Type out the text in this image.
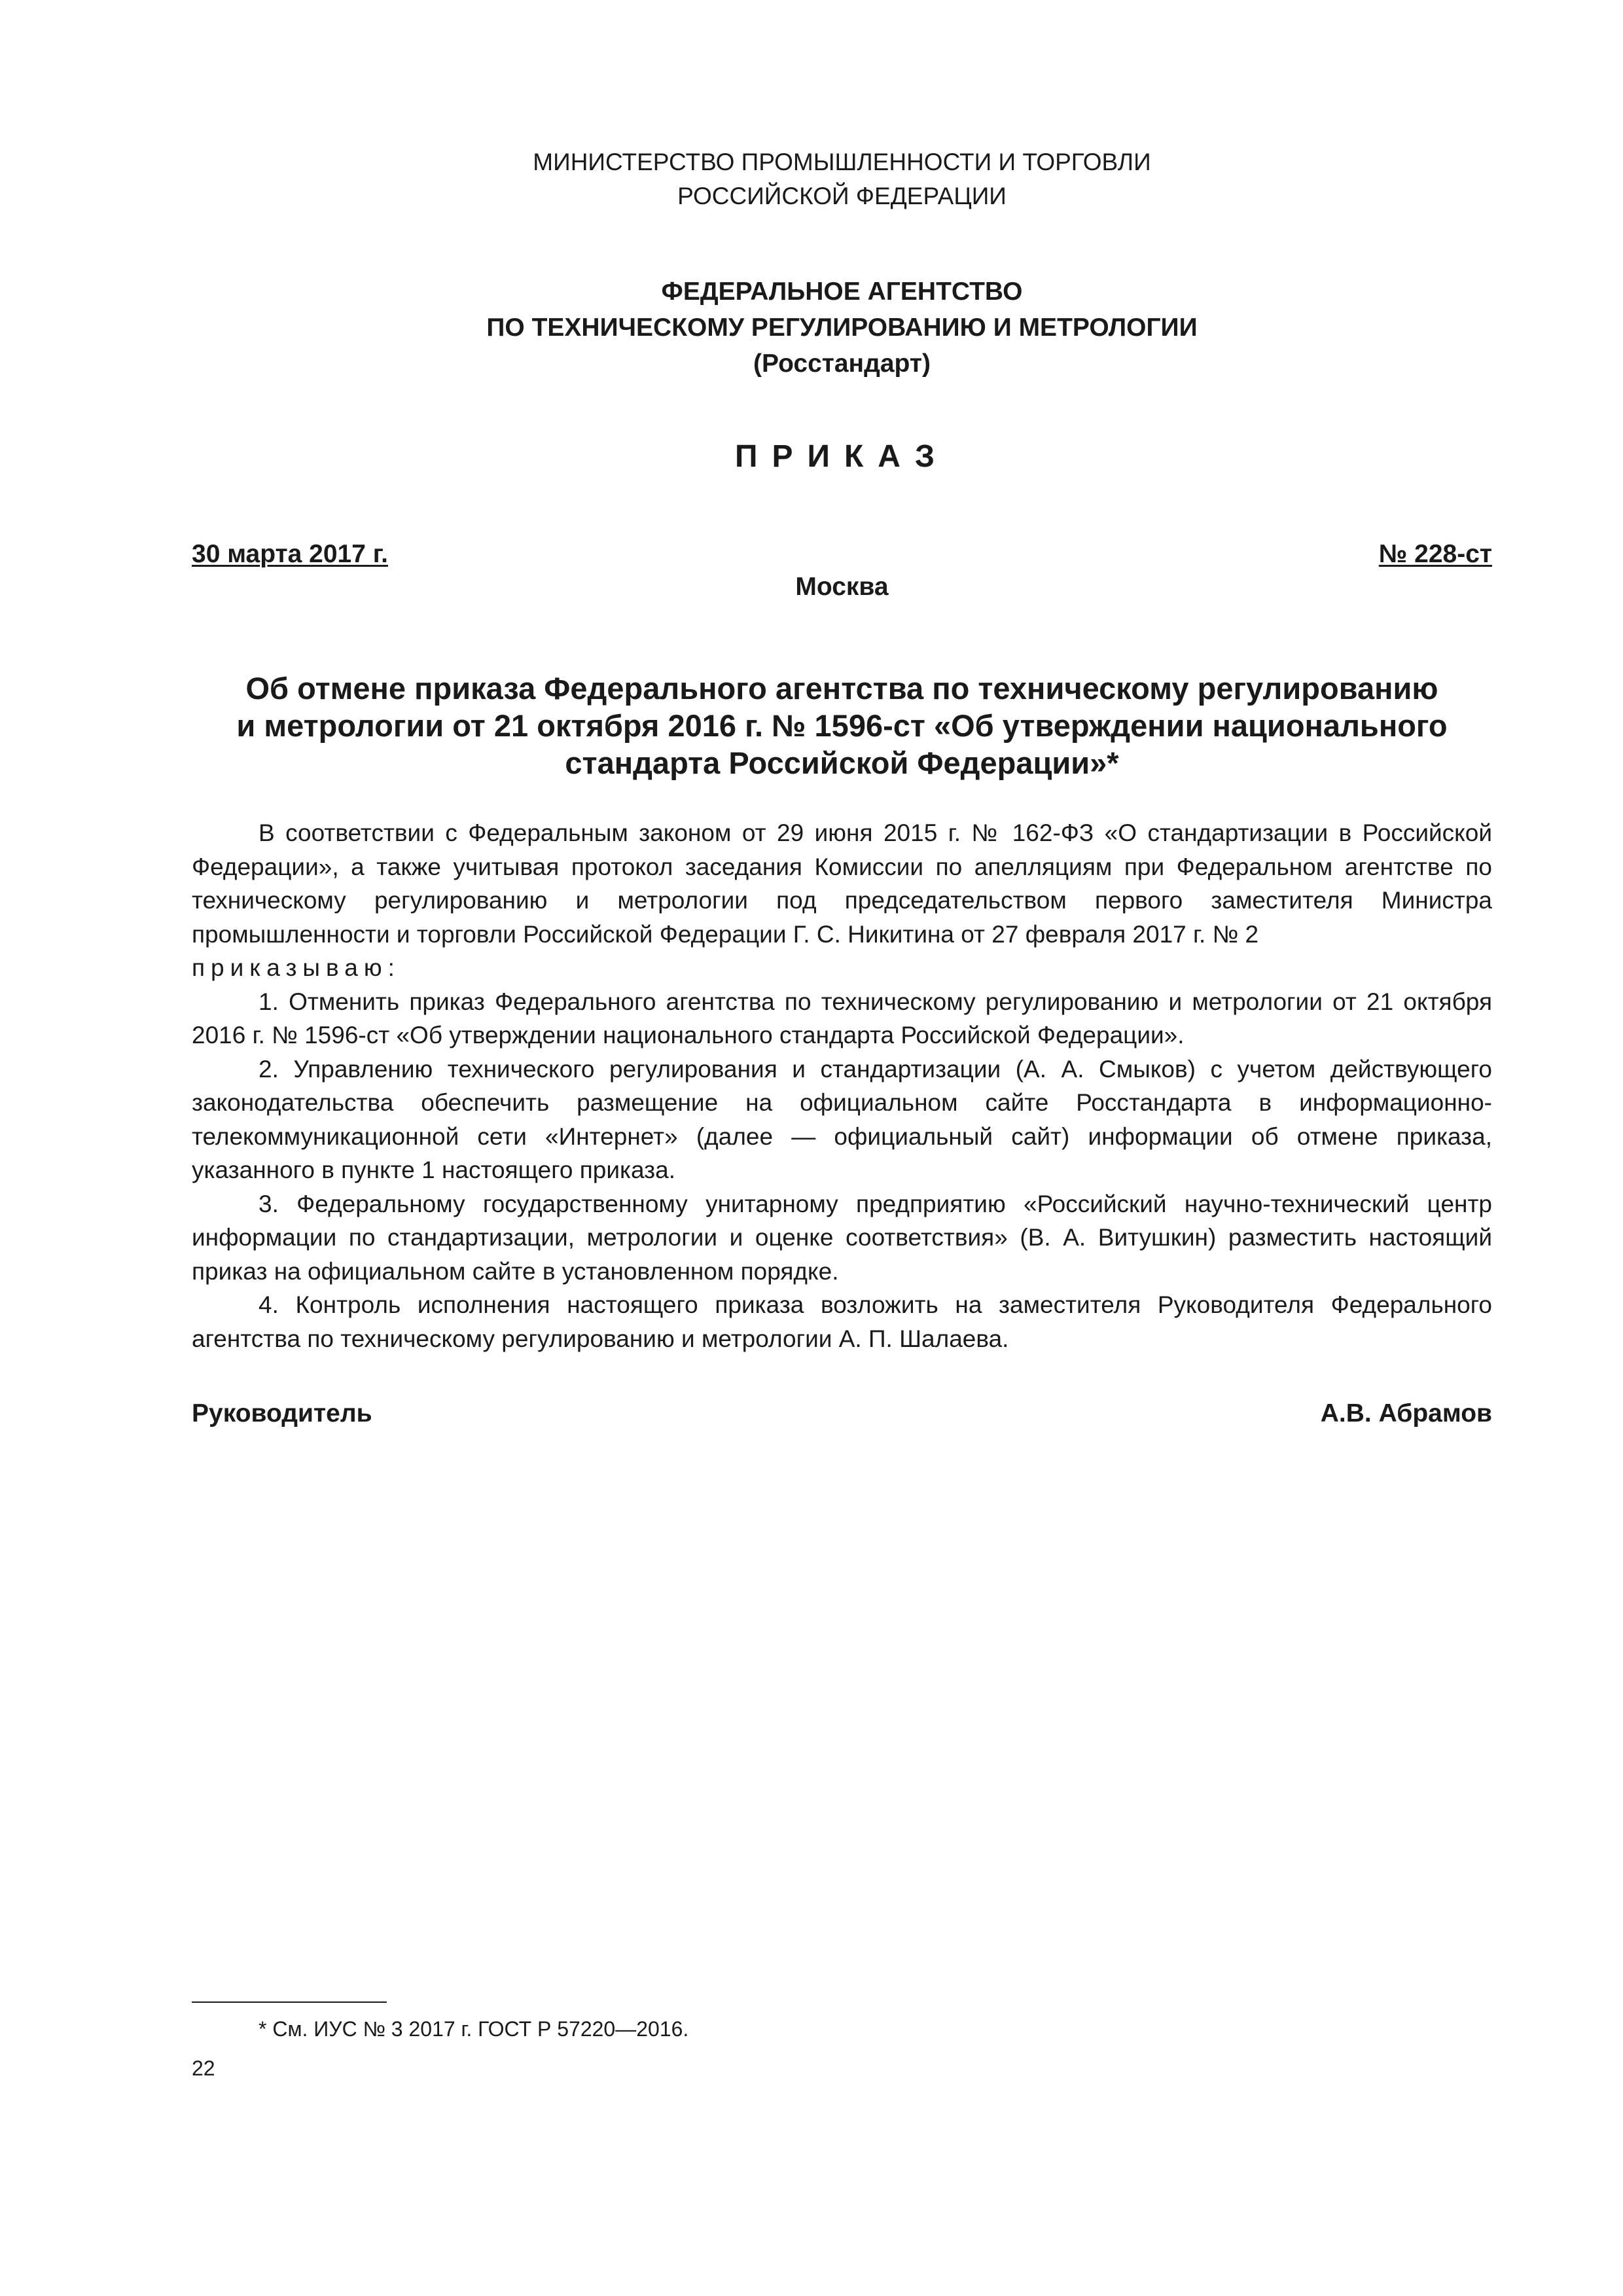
МИНИСТЕРСТВО ПРОМЫШЛЕННОСТИ И ТОРГОВЛИ
РОССИЙСКОЙ ФЕДЕРАЦИИ
ФЕДЕРАЛЬНОЕ АГЕНТСТВО
ПО ТЕХНИЧЕСКОМУ РЕГУЛИРОВАНИЮ И МЕТРОЛОГИИ
(Росстандарт)
ПРИКАЗ
30 марта 2017 г.	№ 228-ст
Москва
Об отмене приказа Федерального агентства по техническому регулированию
и метрологии от 21 октября 2016 г. № 1596-ст «Об утверждении национального
стандарта Российской Федерации»*

В соответствии с Федеральным законом от 29 июня 2015 г. № 162-ФЗ «О стандартизации в Российской Федерации», а также учитывая протокол заседания Комиссии по апелляциям при Федеральном агентстве по техническому регулированию и метрологии под председательством первого заместителя Министра промышленности и торговли Российской Федерации Г. С. Никитина от 27 февраля 2017 г. № 2

приказываю:

1. Отменить приказ Федерального агентства по техническому регулированию и метрологии от 21 октября 2016 г. № 1596-ст «Об утверждении национального стандарта Российской Федерации».

2. Управлению технического регулирования и стандартизации (А. А. Смыков) с учетом действующего законодательства обеспечить размещение на официальном сайте Росстандарта в информационно-телекоммуникационной сети «Интернет» (далее — официальный сайт) информации об отмене приказа, указанного в пункте 1 настоящего приказа.

3. Федеральному государственному унитарному предприятию «Российский научно-технический центр информации по стандартизации, метрологии и оценке соответствия» (В. А. Витушкин) разместить настоящий приказ на официальном сайте в установленном порядке.

4. Контроль исполнения настоящего приказа возложить на заместителя Руководителя Федерального агентства по техническому регулированию и метрологии А. П. Шалаева.

Руководитель	А.В. Абрамов
* См. ИУС № 3 2017 г. ГОСТ Р 57220—2016.
22
